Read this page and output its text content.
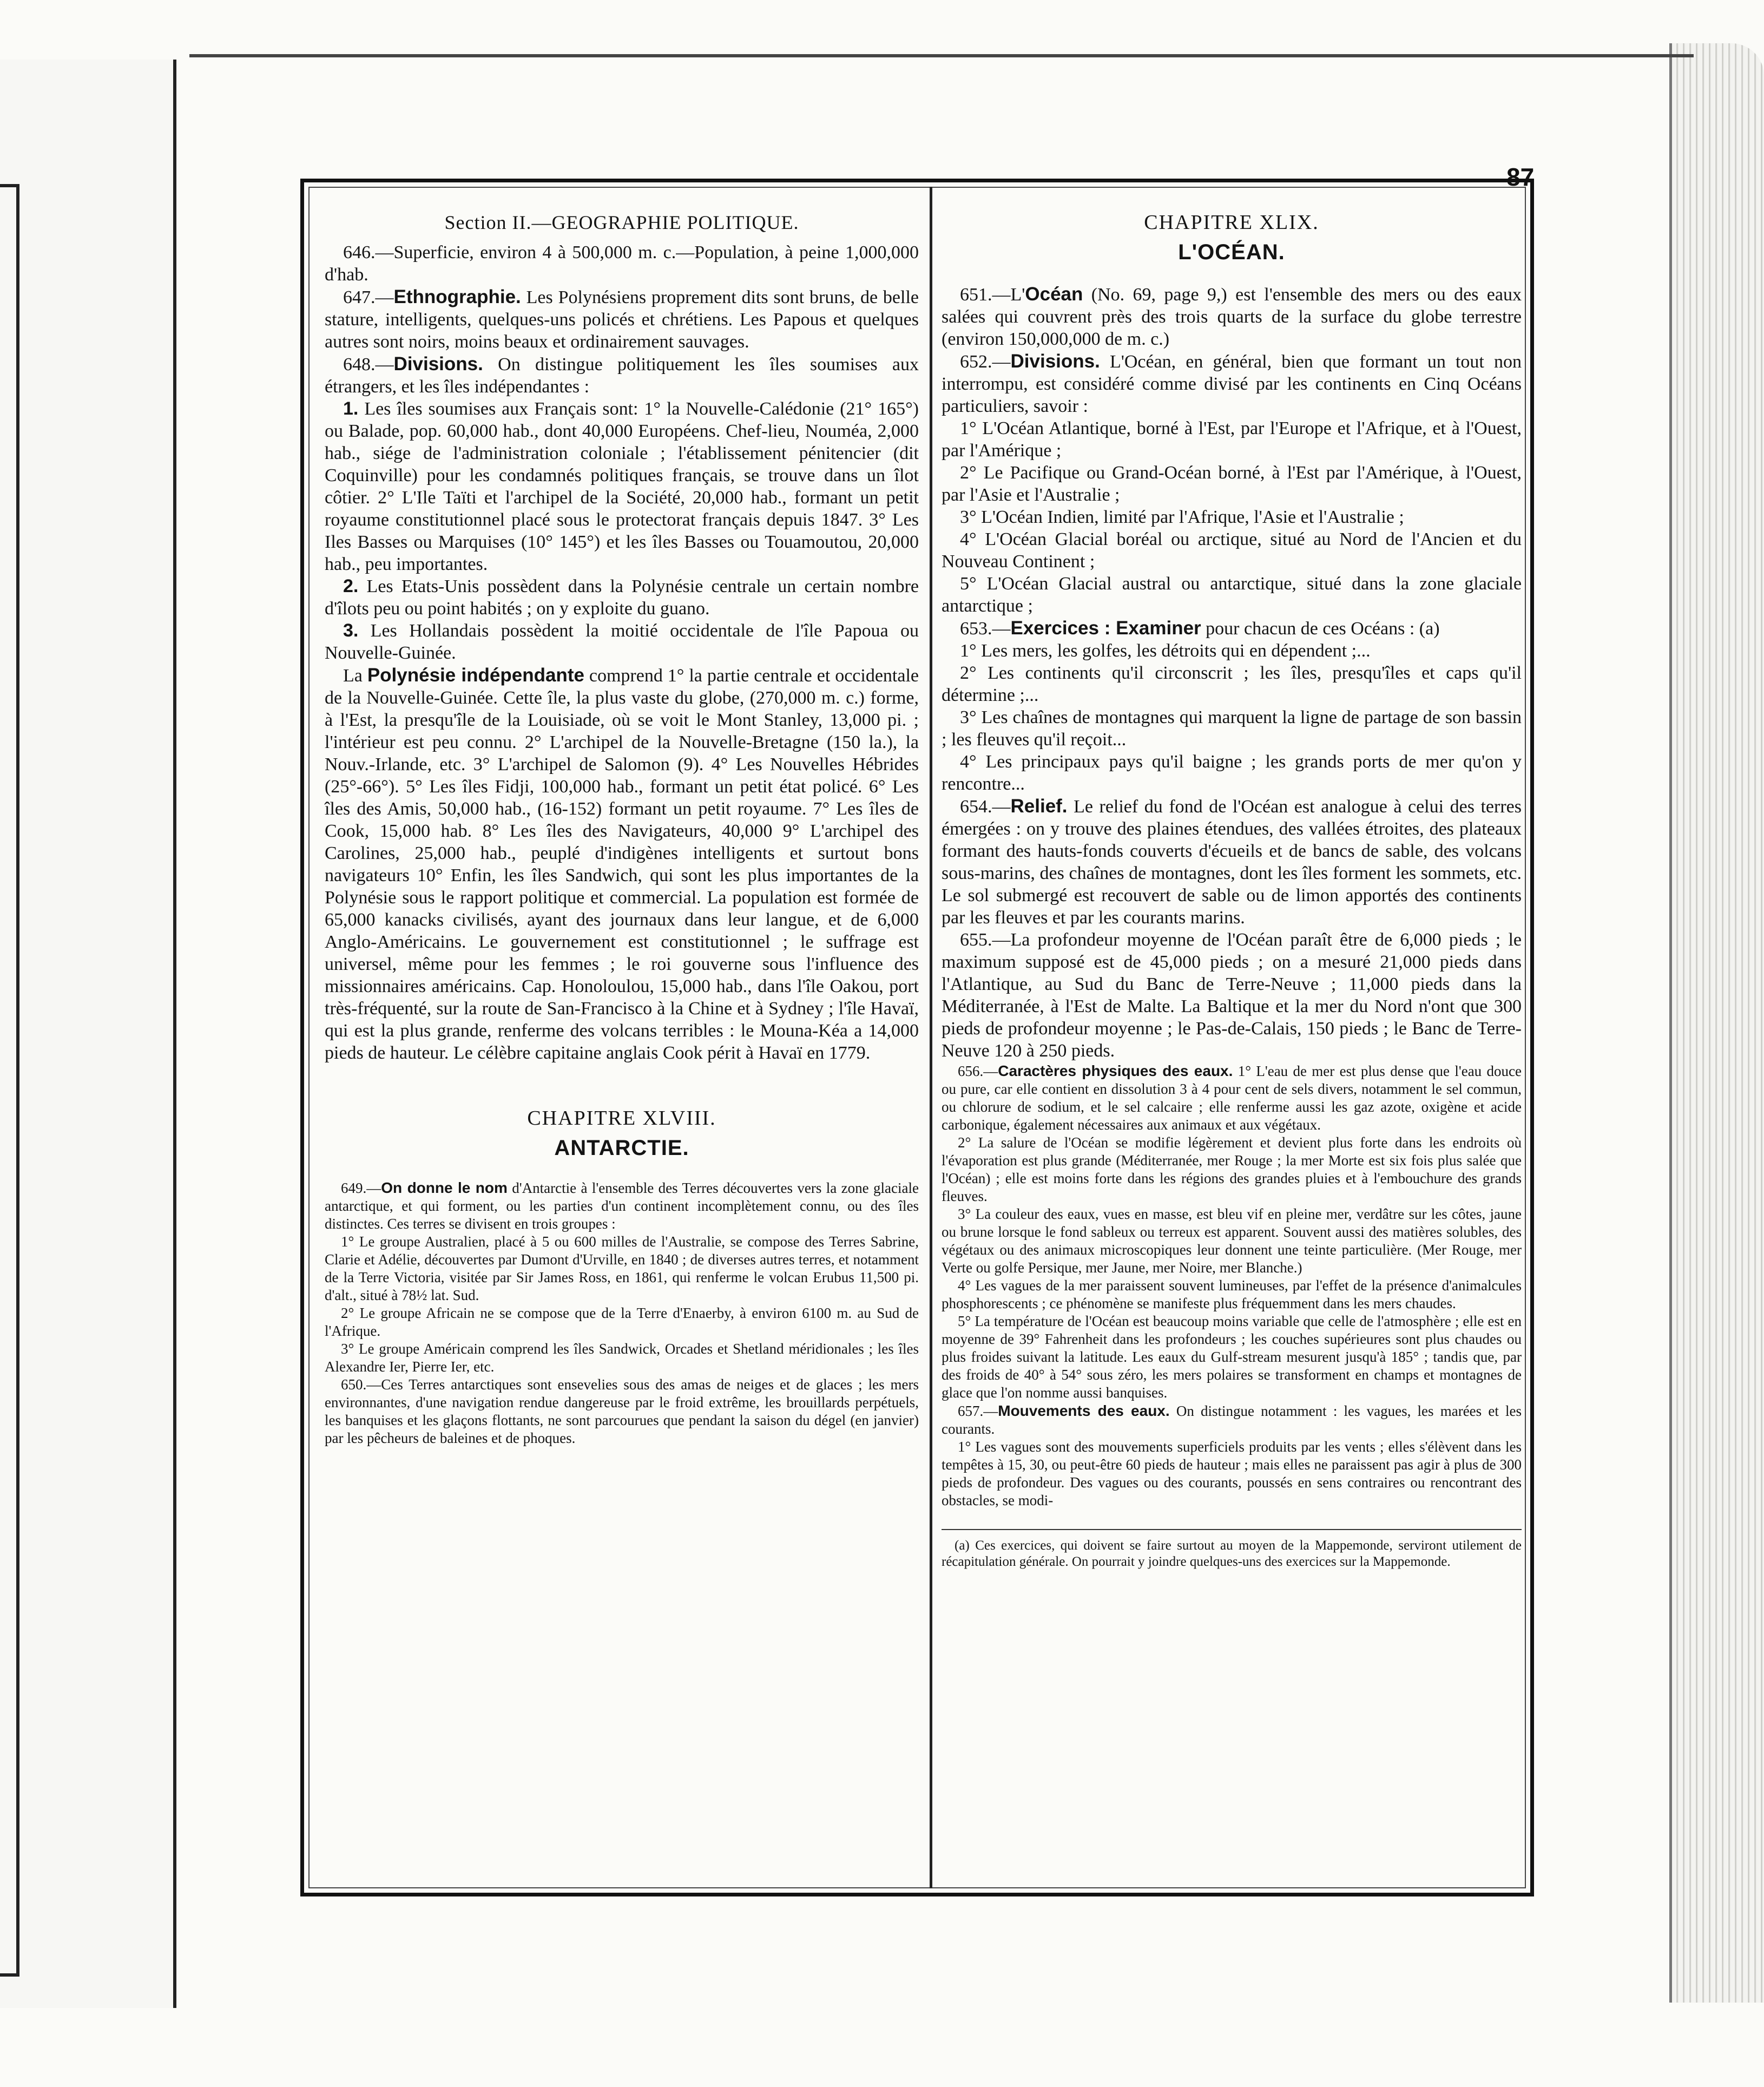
87

Section II.—GEOGRAPHIE POLITIQUE.

646.—Superficie, environ 4 à 500,000 m. c.—Population, à peine 1,000,000 d'hab.

647.—Ethnographie. Les Polynésiens proprement dits sont bruns, de belle stature, intelligents, quelques-uns policés et chrétiens. Les Papous et quelques autres sont noirs, moins beaux et ordinairement sauvages.

648.—Divisions. On distingue politiquement les îles soumises aux étrangers, et les îles indépendantes :

1. Les îles soumises aux Français sont: 1° la Nouvelle-Calédonie (21° 165°) ou Balade, pop. 60,000 hab., dont 40,000 Européens. Chef-lieu, Nouméa, 2,000 hab., siége de l'administration coloniale ; l'établissement pénitencier (dit Coquinville) pour les condamnés politiques français, se trouve dans un îlot côtier. 2° L'Ile Taïti et l'archipel de la Société, 20,000 hab., formant un petit royaume constitutionnel placé sous le protectorat français depuis 1847. 3° Les Iles Basses ou Marquises (10° 145°) et les îles Basses ou Touamoutou, 20,000 hab., peu importantes.

2. Les Etats-Unis possèdent dans la Polynésie centrale un certain nombre d'îlots peu ou point habités ; on y exploite du guano.

3. Les Hollandais possèdent la moitié occidentale de l'île Papoua ou Nouvelle-Guinée.

La Polynésie indépendante comprend 1° la partie centrale et occidentale de la Nouvelle-Guinée. Cette île, la plus vaste du globe, (270,000 m. c.) forme, à l'Est, la presqu'île de la Louisiade, où se voit le Mont Stanley, 13,000 pi. ; l'intérieur est peu connu. 2° L'archipel de la Nouvelle-Bretagne (150 la.), la Nouv.-Irlande, etc. 3° L'archipel de Salomon (9). 4° Les Nouvelles Hébrides (25°-66°). 5° Les îles Fidji, 100,000 hab., formant un petit état policé. 6° Les îles des Amis, 50,000 hab., (16-152) formant un petit royaume. 7° Les îles de Cook, 15,000 hab. 8° Les îles des Navigateurs, 40,000 9° L'archipel des Carolines, 25,000 hab., peuplé d'indigènes intelligents et surtout bons navigateurs 10° Enfin, les îles Sandwich, qui sont les plus importantes de la Polynésie sous le rapport politique et commercial. La population est formée de 65,000 kanacks civilisés, ayant des journaux dans leur langue, et de 6,000 Anglo-Américains. Le gouvernement est constitutionnel ; le suffrage est universel, même pour les femmes ; le roi gouverne sous l'influence des missionnaires américains. Cap. Honoloulou, 15,000 hab., dans l'île Oakou, port très-fréquenté, sur la route de San-Francisco à la Chine et à Sydney ; l'île Havaï, qui est la plus grande, renferme des volcans terribles : le Mouna-Kéa a 14,000 pieds de hauteur. Le célèbre capitaine anglais Cook périt à Havaï en 1779.

CHAPITRE XLVIII.

ANTARCTIE.

649.—On donne le nom d'Antarctie à l'ensemble des Terres découvertes vers la zone glaciale antarctique, et qui forment, ou les parties d'un continent incomplètement connu, ou des îles distinctes. Ces terres se divisent en trois groupes :

1° Le groupe Australien, placé à 5 ou 600 milles de l'Australie, se compose des Terres Sabrine, Clarie et Adélie, découvertes par Dumont d'Urville, en 1840 ; de diverses autres terres, et notamment de la Terre Victoria, visitée par Sir James Ross, en 1861, qui renferme le volcan Erubus 11,500 pi. d'alt., situé à 78½ lat. Sud.

2° Le groupe Africain ne se compose que de la Terre d'Enaerby, à environ 6100 m. au Sud de l'Afrique.

3° Le groupe Américain comprend les îles Sandwick, Orcades et Shetland méridionales ; les îles Alexandre Ier, Pierre Ier, etc.

650.—Ces Terres antarctiques sont ensevelies sous des amas de neiges et de glaces ; les mers environnantes, d'une navigation rendue dangereuse par le froid extrême, les brouillards perpétuels, les banquises et les glaçons flottants, ne sont parcourues que pendant la saison du dégel (en janvier) par les pêcheurs de baleines et de phoques.

CHAPITRE XLIX.

L'OCÉAN.

651.—L'Océan (No. 69, page 9,) est l'ensemble des mers ou des eaux salées qui couvrent près des trois quarts de la surface du globe terrestre (environ 150,000,000 de m. c.)

652.—Divisions. L'Océan, en général, bien que formant un tout non interrompu, est considéré comme divisé par les continents en Cinq Océans particuliers, savoir :

1° L'Océan Atlantique, borné à l'Est, par l'Europe et l'Afrique, et à l'Ouest, par l'Amérique ;

2° Le Pacifique ou Grand-Océan borné, à l'Est par l'Amérique, à l'Ouest, par l'Asie et l'Australie ;

3° L'Océan Indien, limité par l'Afrique, l'Asie et l'Australie ;

4° L'Océan Glacial boréal ou arctique, situé au Nord de l'Ancien et du Nouveau Continent ;

5° L'Océan Glacial austral ou antarctique, situé dans la zone glaciale antarctique ;

653.—Exercices : Examiner pour chacun de ces Océans : (a)

1° Les mers, les golfes, les détroits qui en dépendent ;...

2° Les continents qu'il circonscrit ; les îles, presqu'îles et caps qu'il détermine ;...

3° Les chaînes de montagnes qui marquent la ligne de partage de son bassin ; les fleuves qu'il reçoit...

4° Les principaux pays qu'il baigne ; les grands ports de mer qu'on y rencontre...

654.—Relief. Le relief du fond de l'Océan est analogue à celui des terres émergées : on y trouve des plaines étendues, des vallées étroites, des plateaux formant des hauts-fonds couverts d'écueils et de bancs de sable, des volcans sous-marins, des chaînes de montagnes, dont les îles forment les sommets, etc. Le sol submergé est recouvert de sable ou de limon apportés des continents par les fleuves et par les courants marins.

655.—La profondeur moyenne de l'Océan paraît être de 6,000 pieds ; le maximum supposé est de 45,000 pieds ; on a mesuré 21,000 pieds dans l'Atlantique, au Sud du Banc de Terre-Neuve ; 11,000 pieds dans la Méditerranée, à l'Est de Malte. La Baltique et la mer du Nord n'ont que 300 pieds de profondeur moyenne ; le Pas-de-Calais, 150 pieds ; le Banc de Terre-Neuve 120 à 250 pieds.

656.—Caractères physiques des eaux. 1° L'eau de mer est plus dense que l'eau douce ou pure, car elle contient en dissolution 3 à 4 pour cent de sels divers, notamment le sel commun, ou chlorure de sodium, et le sel calcaire ; elle renferme aussi les gaz azote, oxigène et acide carbonique, également nécessaires aux animaux et aux végétaux.

2° La salure de l'Océan se modifie légèrement et devient plus forte dans les endroits où l'évaporation est plus grande (Méditerranée, mer Rouge ; la mer Morte est six fois plus salée que l'Océan) ; elle est moins forte dans les régions des grandes pluies et à l'embouchure des grands fleuves.

3° La couleur des eaux, vues en masse, est bleu vif en pleine mer, verdâtre sur les côtes, jaune ou brune lorsque le fond sableux ou terreux est apparent. Souvent aussi des matières solubles, des végétaux ou des animaux microscopiques leur donnent une teinte particulière. (Mer Rouge, mer Verte ou golfe Persique, mer Jaune, mer Noire, mer Blanche.)

4° Les vagues de la mer paraissent souvent lumineuses, par l'effet de la présence d'animalcules phosphorescents ; ce phénomène se manifeste plus fréquemment dans les mers chaudes.

5° La température de l'Océan est beaucoup moins variable que celle de l'atmosphère ; elle est en moyenne de 39° Fahrenheit dans les profondeurs ; les couches supérieures sont plus chaudes ou plus froides suivant la latitude. Les eaux du Gulf-stream mesurent jusqu'à 185° ; tandis que, par des froids de 40° à 54° sous zéro, les mers polaires se transforment en champs et montagnes de glace que l'on nomme aussi banquises.

657.—Mouvements des eaux. On distingue notamment : les vagues, les marées et les courants.

1° Les vagues sont des mouvements superficiels produits par les vents ; elles s'élèvent dans les tempêtes à 15, 30, ou peut-être 60 pieds de hauteur ; mais elles ne paraissent pas agir à plus de 300 pieds de profondeur. Des vagues ou des courants, poussés en sens contraires ou rencontrant des obstacles, se modi-

(a) Ces exercices, qui doivent se faire surtout au moyen de la Mappemonde, serviront utilement de récapitulation générale. On pourrait y joindre quelques-uns des exercices sur la Mappemonde.
